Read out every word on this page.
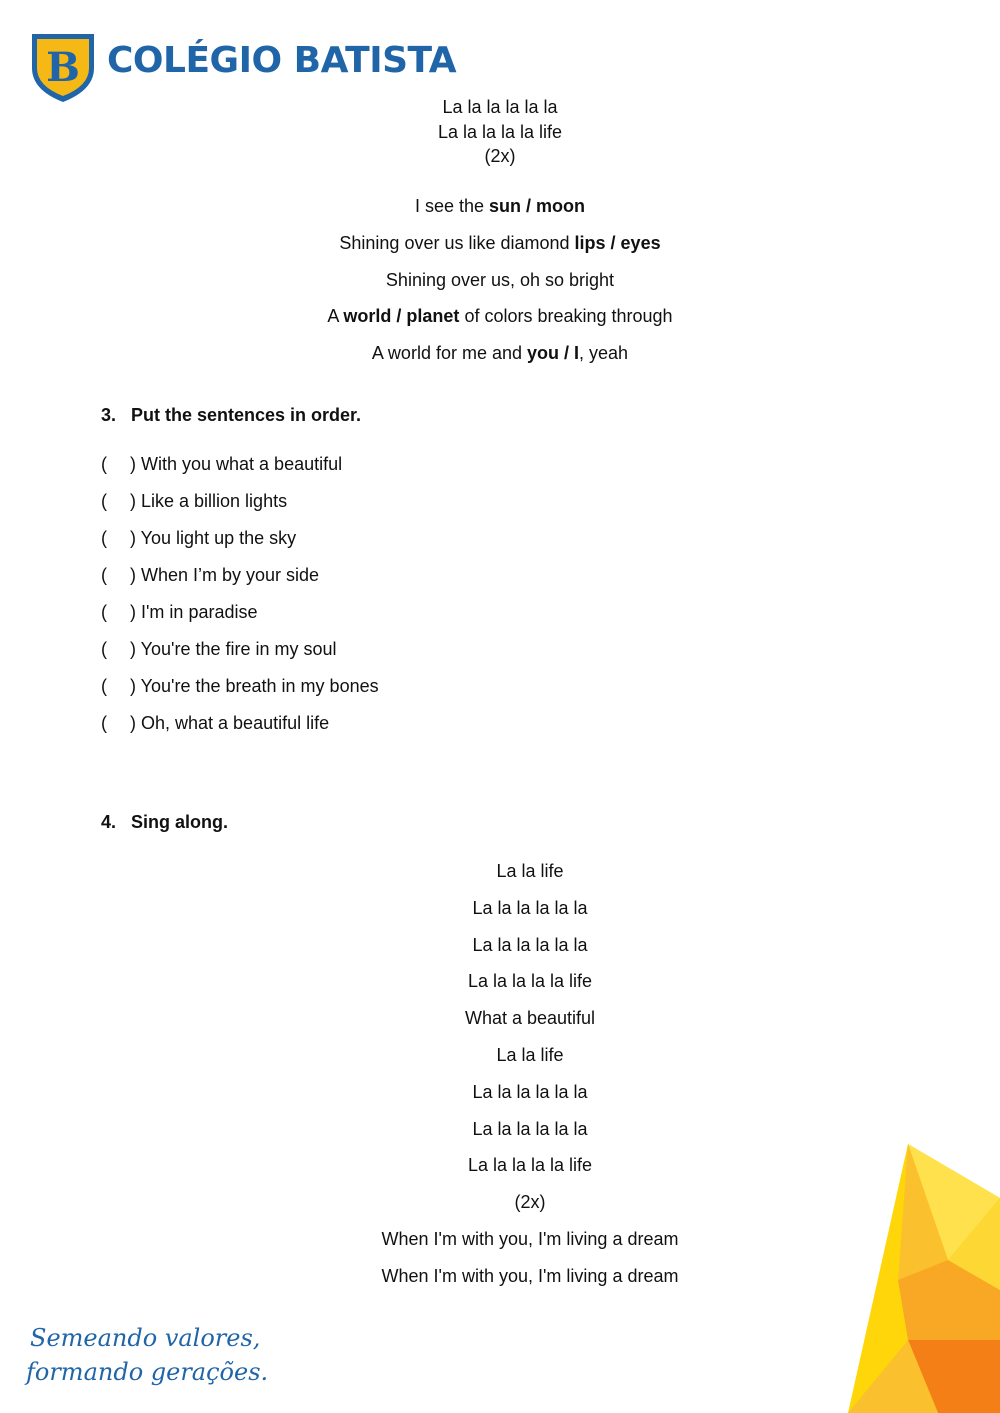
B COLÉGIO BATISTA
La la la la la la
La la la la la life
(2x)
I see the sun / moon
Shining over us like diamond lips / eyes
Shining over us, oh so bright
A world / planet of colors breaking through
A world for me and you / I, yeah
3. Put the sentences in order.
( ) With you what a beautiful
( ) Like a billion lights
( ) You light up the sky
( ) When I’m by your side
( ) I'm in paradise
( ) You're the fire in my soul
( ) You're the breath in my bones
( ) Oh, what a beautiful life
4. Sing along.
La la life
La la la la la la
La la la la la la
La la la la la life
What a beautiful
La la life
La la la la la la
La la la la la la
La la la la la life
(2x)
When I'm with you, I'm living a dream
When I'm with you, I'm living a dream
Semeando valores,
formando gerações.
